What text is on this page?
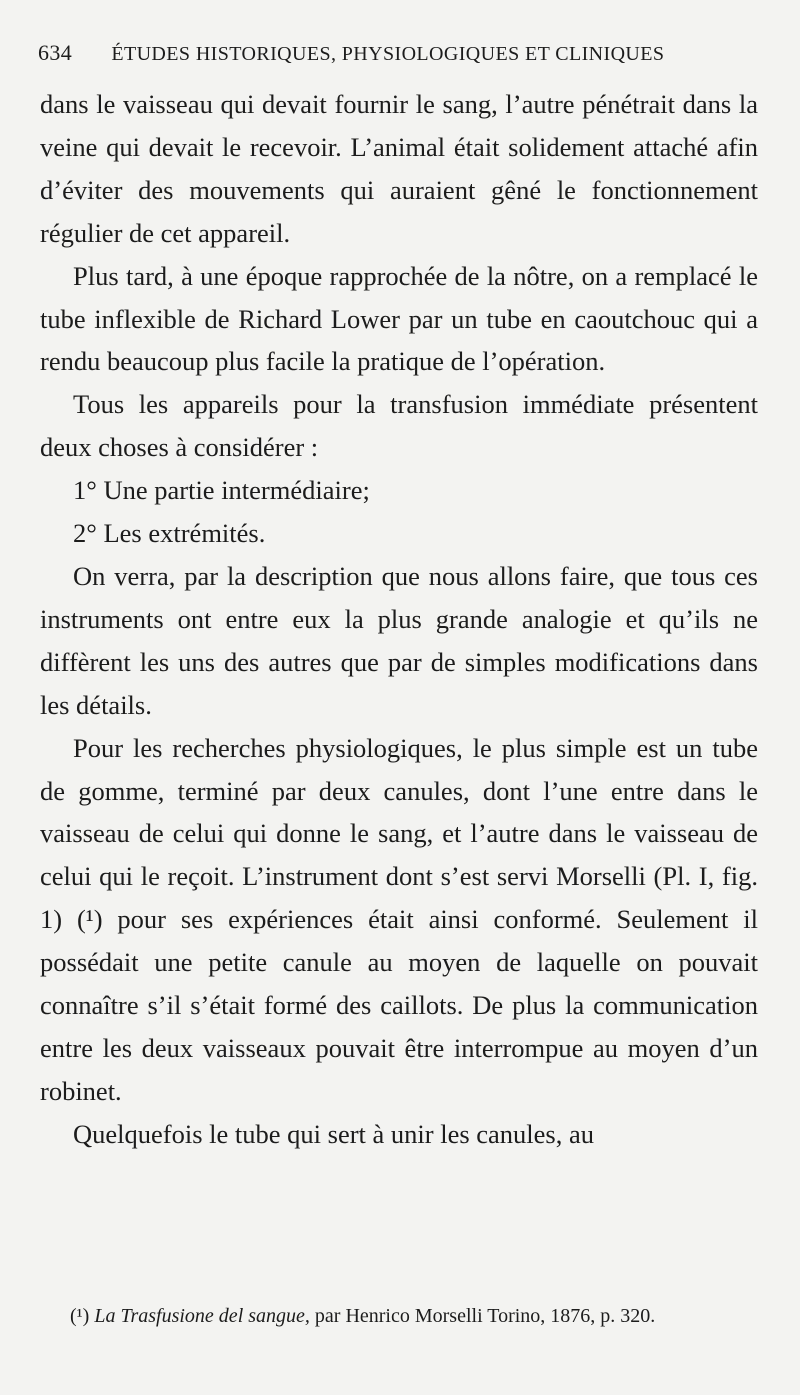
634 ÉTUDES HISTORIQUES, PHYSIOLOGIQUES ET CLINIQUES

dans le vaisseau qui devait fournir le sang, l’autre pénétrait dans la veine qui devait le recevoir. L’animal était solidement attaché afin d’éviter des mouvements qui auraient gêné le fonctionnement régulier de cet appareil.

Plus tard, à une époque rapprochée de la nôtre, on a remplacé le tube inflexible de Richard Lower par un tube en caoutchouc qui a rendu beaucoup plus facile la pratique de l’opération.

Tous les appareils pour la transfusion immédiate présentent deux choses à considérer :

1° Une partie intermédiaire;

2° Les extrémités.

On verra, par la description que nous allons faire, que tous ces instruments ont entre eux la plus grande analogie et qu’ils ne diffèrent les uns des autres que par de simples modifications dans les détails.

Pour les recherches physiologiques, le plus simple est un tube de gomme, terminé par deux canules, dont l’une entre dans le vaisseau de celui qui donne le sang, et l’autre dans le vaisseau de celui qui le reçoit. L’instrument dont s’est servi Morselli (Pl. I, fig. 1) (¹) pour ses expériences était ainsi conformé. Seulement il possédait une petite canule au moyen de laquelle on pouvait connaître s’il s’était formé des caillots. De plus la communication entre les deux vaisseaux pouvait être interrompue au moyen d’un robinet.

Quelquefois le tube qui sert à unir les canules, au

(¹) La Trasfusione del sangue, par Henrico Morselli Torino, 1876, p. 320.
